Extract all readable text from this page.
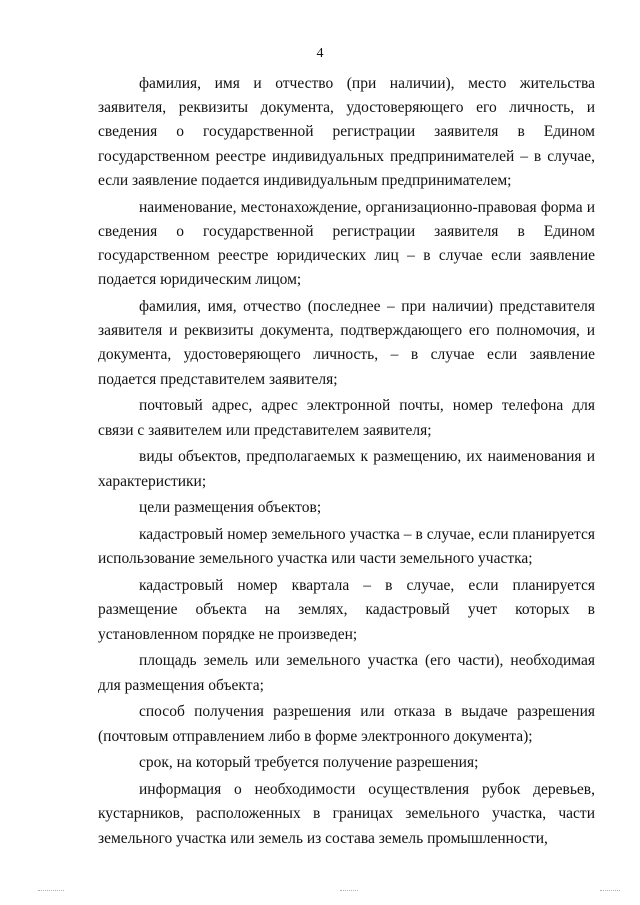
4

фамилия, имя и отчество (при наличии), место жительства заявителя, реквизиты документа, удостоверяющего его личность, и сведения о государственной регистрации заявителя в Едином государственном реестре индивидуальных предпринимателей – в случае, если заявление подается индивидуальным предпринимателем;

наименование, местонахождение, организационно-правовая форма и сведения о государственной регистрации заявителя в Едином государственном реестре юридических лиц – в случае если заявление подается юридическим лицом;

фамилия, имя, отчество (последнее – при наличии) представителя заявителя и реквизиты документа, подтверждающего его полномочия, и документа, удостоверяющего личность, – в случае если заявление подается представителем заявителя;

почтовый адрес, адрес электронной почты, номер телефона для связи с заявителем или представителем заявителя;

виды объектов, предполагаемых к размещению, их наименования и характеристики;

цели размещения объектов;

кадастровый номер земельного участка – в случае, если планируется использование земельного участка или части земельного участка;

кадастровый номер квартала – в случае, если планируется размещение объекта на землях, кадастровый учет которых в установленном порядке не произведен;

площадь земель или земельного участка (его части), необходимая для размещения объекта;

способ получения разрешения или отказа в выдаче разрешения (почтовым отправлением либо в форме электронного документа);

срок, на который требуется получение разрешения;

информация о необходимости осуществления рубок деревьев, кустарников, расположенных в границах земельного участка, части земельного участка или земель из состава земель промышленности,
